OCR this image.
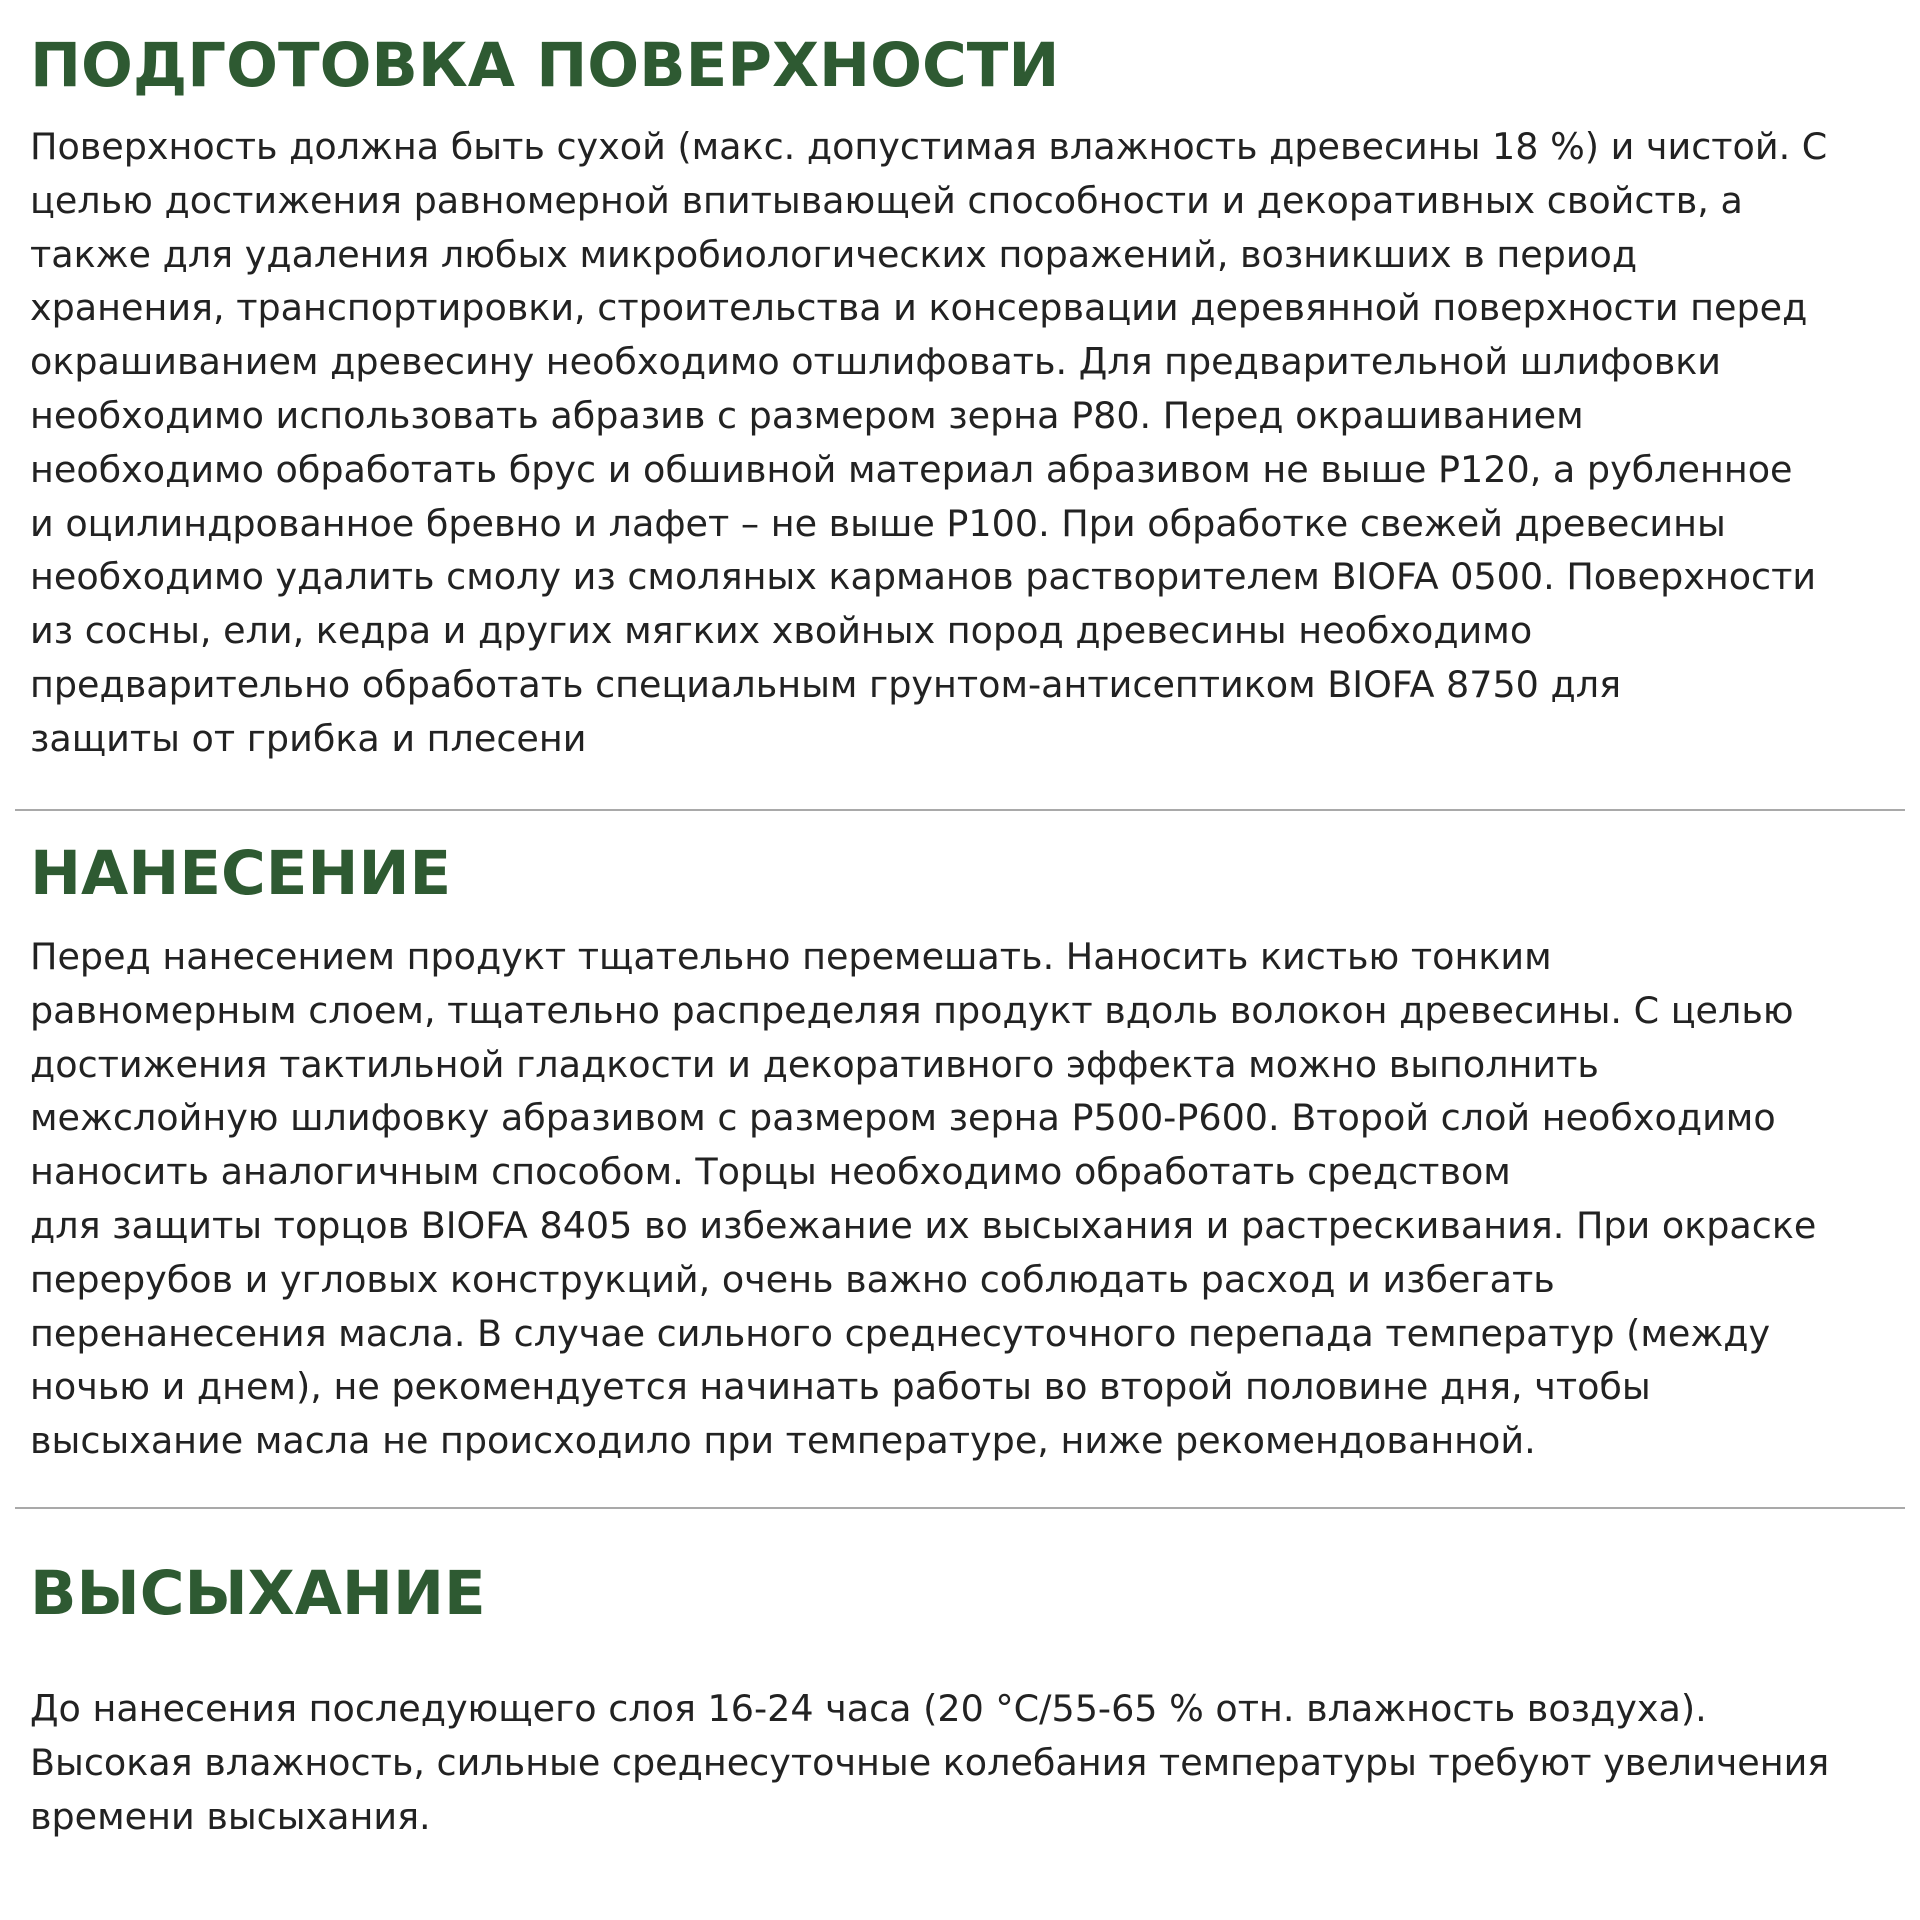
ПОДГОТОВКА ПОВЕРХНОСТИ

Поверхность должна быть сухой (макс. допустимая влажность древесины 18 %) и чистой. С

целью достижения равномерной впитывающей способности и декоративных свойств, а

также для удаления любых микробиологических поражений, возникших в период

хранения, транспортировки, строительства и консервации деревянной поверхности перед

окрашиванием древесину необходимо отшлифовать. Для предварительной шлифовки

необходимо использовать абразив с размером зерна Р80. Перед окрашиванием

необходимо обработать брус и обшивной материал абразивом не выше Р120, а рубленное

и оцилиндрованное бревно и лафет – не выше Р100. При обработке свежей древесины

необходимо удалить смолу из смоляных карманов растворителем BIOFA 0500. Поверхности

из сосны, ели, кедра и других мягких хвойных пород древесины необходимо

предварительно обработать специальным грунтом-антисептиком BIOFA 8750 для

защиты от грибка и плесени

НАНЕСЕНИЕ

Перед нанесением продукт тщательно перемешать. Наносить кистью тонким

равномерным слоем, тщательно распределяя продукт вдоль волокон древесины. С целью

достижения тактильной гладкости и декоративного эффекта можно выполнить

межслойную шлифовку абразивом с размером зерна Р500-Р600. Второй слой необходимо

наносить аналогичным способом. Торцы необходимо обработать средством

для защиты торцов BIOFA 8405 во избежание их высыхания и растрескивания. При окраске

перерубов и угловых конструкций, очень важно соблюдать расход и избегать

перенанесения масла. В случае сильного среднесуточного перепада температур (между

ночью и днем), не рекомендуется начинать работы во второй половине дня, чтобы

высыхание масла не происходило при температуре, ниже рекомендованной.

ВЫСЫХАНИЕ

До нанесения последующего слоя 16-24 часа (20 °С/55-65 % отн. влажность воздуха).

Высокая влажность, сильные среднесуточные колебания температуры требуют увеличения

времени высыхания.
